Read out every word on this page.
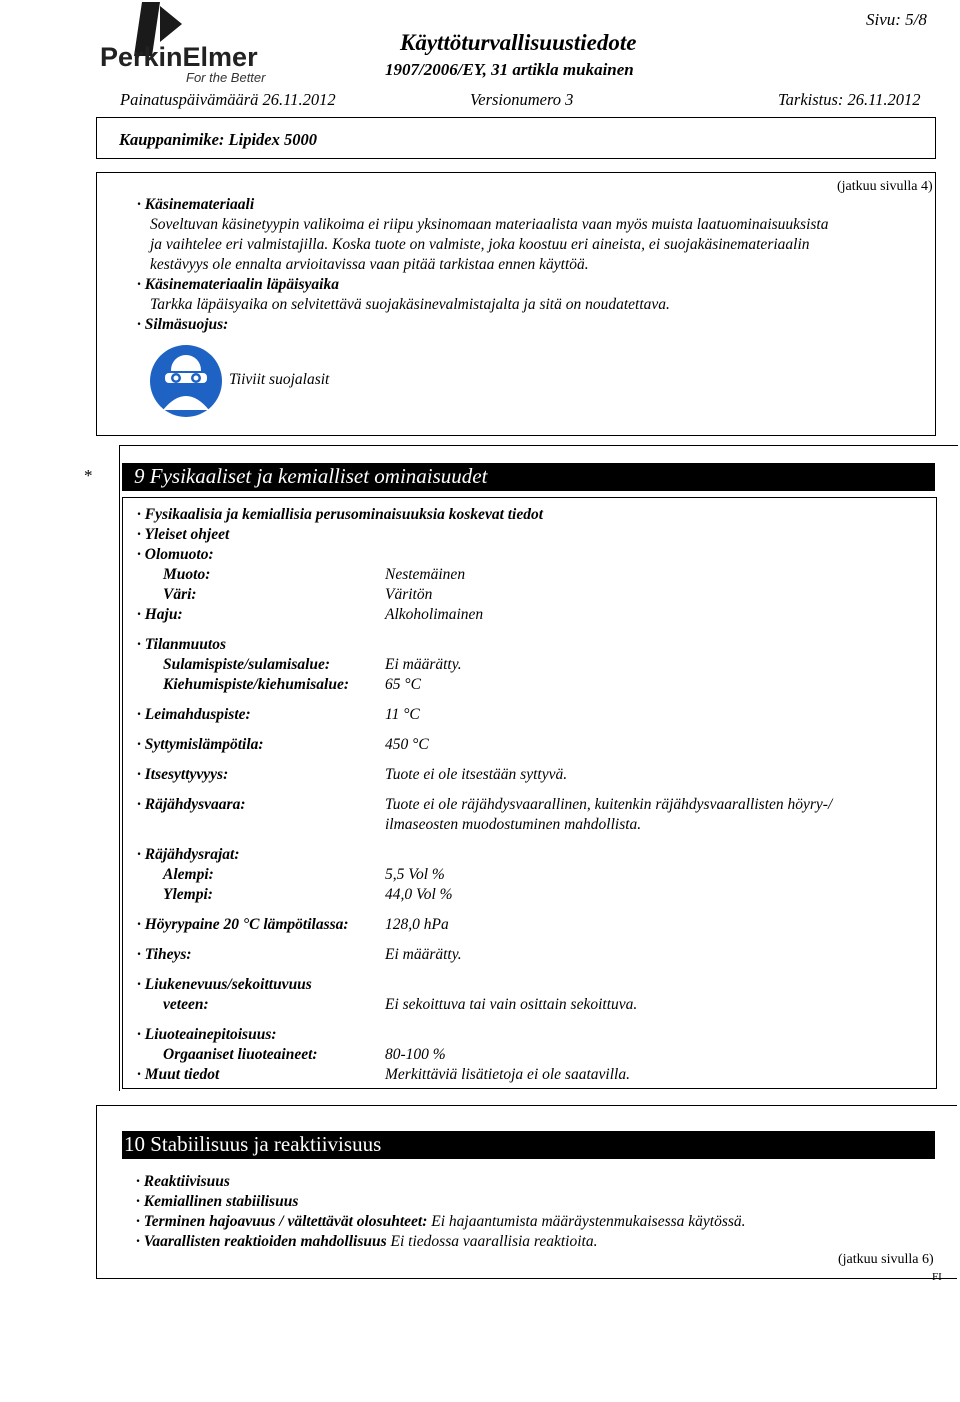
PerkinElmer
For the Better
Käyttöturvallisuustiedote
1907/2006/EY, 31 artikla mukainen
Sivu: 5/8
Painatuspäivämäärä 26.11.2012	Versionumero 3	Tarkistus: 26.11.2012
Kauppanimike: Lipidex 5000
(jatkuu sivulla 4)
· Käsinemateriaali
Soveltuvan käsinetyypin valikoima ei riipu yksinomaan materiaalista vaan myös muista laatuominaisuuksista
ja vaihtelee eri valmistajilla. Koska tuote on valmiste, joka koostuu eri aineista, ei suojakäsinemateriaalin
kestävyys ole ennalta arvioitavissa vaan pitää tarkistaa ennen käyttöä.
· Käsinemateriaalin läpäisyaika
Tarkka läpäisyaika on selvitettävä suojakäsinevalmistajalta ja sitä on noudatettava.
· Silmäsuojus:
Tiiviit suojalasit
* 9 Fysikaaliset ja kemialliset ominaisuudet
· Fysikaalisia ja kemiallisia perusominaisuuksia koskevat tiedot
· Yleiset ohjeet
· Olomuoto:
Muoto:	Nestemäinen
Väri:	Väritön
· Haju:	Alkoholimainen
· Tilanmuutos
Sulamispiste/sulamisalue:	Ei määrätty.
Kiehumispiste/kiehumisalue: 65 °C
· Leimahduspiste:	11 °C
· Syttymislämpötila:	450 °C
· Itsesyttyvyys:	Tuote ei ole itsestään syttyvä.
· Räjähdysvaara:	Tuote ei ole räjähdysvaarallinen, kuitenkin räjähdysvaarallisten höyry-/
ilmaseosten muodostuminen mahdollista.
· Räjähdysrajat:
Alempi:	5,5 Vol %
Ylempi:	44,0 Vol %
· Höyrypaine 20 °C lämpötilassa: 128,0 hPa
· Tiheys:	Ei määrätty.
· Liukenevuus/sekoittuvuus
veteen:	Ei sekoittuva tai vain osittain sekoittuva.
· Liuoteainepitoisuus:
Orgaaniset liuoteaineet:	80-100 %
· Muut tiedot	Merkittäviä lisätietoja ei ole saatavilla.
10 Stabiilisuus ja reaktiivisuus
· Reaktiivisuus
· Kemiallinen stabiilisuus
· Terminen hajoavuus / vältettävät olosuhteet: Ei hajaantumista määräystenmukaisessa käytössä.
· Vaarallisten reaktioiden mahdollisuus Ei tiedossa vaarallisia reaktioita.
(jatkuu sivulla 6)
FI
